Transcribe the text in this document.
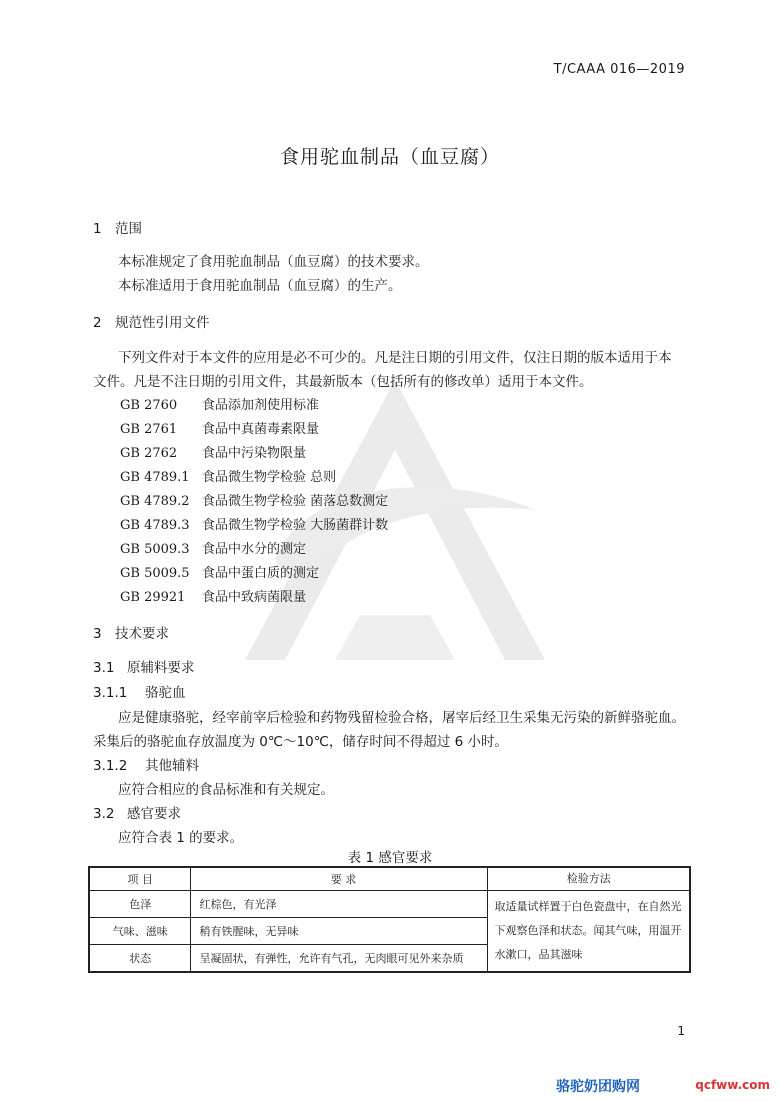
T/CAAA 016—2019
食用驼血制品（血豆腐）
1 范围
本标准规定了食用驼血制品（血豆腐）的技术要求。
本标准适用于食用驼血制品（血豆腐）的生产。
2 规范性引用文件
下列文件对于本文件的应用是必不可少的。凡是注日期的引用文件，仅注日期的版本适用于本
文件。凡是不注日期的引用文件，其最新版本（包括所有的修改单）适用于本文件。
GB 2760 食品添加剂使用标准
GB 2761 食品中真菌毒素限量
GB 2762 食品中污染物限量
GB 4789.1 食品微生物学检验 总则
GB 4789.2 食品微生物学检验 菌落总数测定
GB 4789.3 食品微生物学检验 大肠菌群计数
GB 5009.3 食品中水分的测定
GB 5009.5 食品中蛋白质的测定
GB 29921 食品中致病菌限量
3 技术要求
3.1 原辅料要求
3.1.1 骆驼血
应是健康骆驼，经宰前宰后检验和药物残留检验合格，屠宰后经卫生采集无污染的新鲜骆驼血。
采集后的骆驼血存放温度为 0℃～10℃，储存时间不得超过 6 小时。
3.1.2 其他辅料
应符合相应的食品标准和有关规定。
3.2 感官要求
应符合表 1 的要求。
表 1 感官要求
项 目	要 求	检验方法
色泽	红棕色，有光泽	取适量试样置于白色瓷盘中，在自然光下观察色泽和状态。闻其气味，用温开水漱口，品其滋味
气味、滋味	稍有铁腥味，无异味	
状态	呈凝固状，有弹性，允许有气孔，无肉眼可见外来杂质	
1
骆驼奶团购网	qcfww.com
